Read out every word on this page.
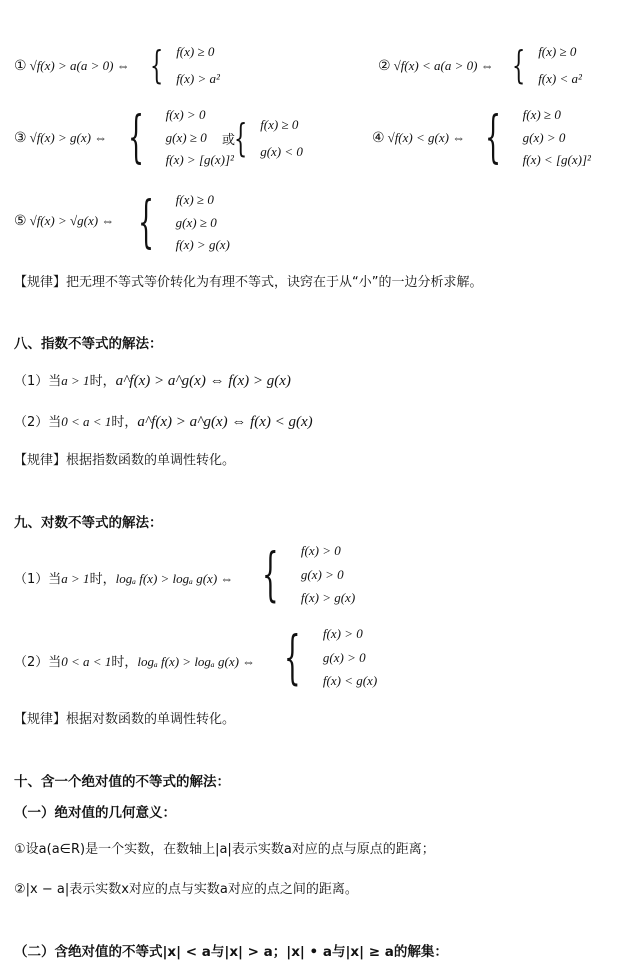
① √f(x) > a(a > 0) ⇔ { f(x) ≥ 0
f(x) > a²
② √f(x) < a(a > 0) ⇔ { f(x) ≥ 0
f(x) < a²
③ √f(x) > g(x) ⇔ { f(x) > 0
g(x) ≥ 0
f(x) > [g(x)]²
或
{ f(x) ≥ 0
g(x) < 0
④ √f(x) < g(x) ⇔ { f(x) ≥ 0
g(x) > 0
f(x) < [g(x)]²
⑤ √f(x) > √g(x) ⇔ { f(x) ≥ 0
g(x) ≥ 0
f(x) > g(x)
【规律】把无理不等式等价转化为有理不等式，诀窍在于从“小”的一边分析求解。
八、指数不等式的解法：
（1）当a > 1时，a^f(x) > a^g(x) ⇔ f(x) > g(x)
（2）当0 < a < 1时，a^f(x) > a^g(x) ⇔ f(x) < g(x)
【规律】根据指数函数的单调性转化。
九、对数不等式的解法：
（1）当a > 1时，logₐ f(x) > logₐ g(x) ⇔ { f(x) > 0
g(x) > 0
f(x) > g(x)
（2）当0 < a < 1时，logₐ f(x) > logₐ g(x) ⇔ { f(x) > 0
g(x) > 0
f(x) < g(x)
【规律】根据对数函数的单调性转化。
十、含一个绝对值的不等式的解法：
（一）绝对值的几何意义：
①设a(a∈R)是一个实数，在数轴上|a|表示实数a对应的点与原点的距离；
②|x − a|表示实数x对应的点与实数a对应的点之间的距离。
（二）含绝对值的不等式|x| < a与|x| > a；|x| • a与|x| ≥ a的解集：
